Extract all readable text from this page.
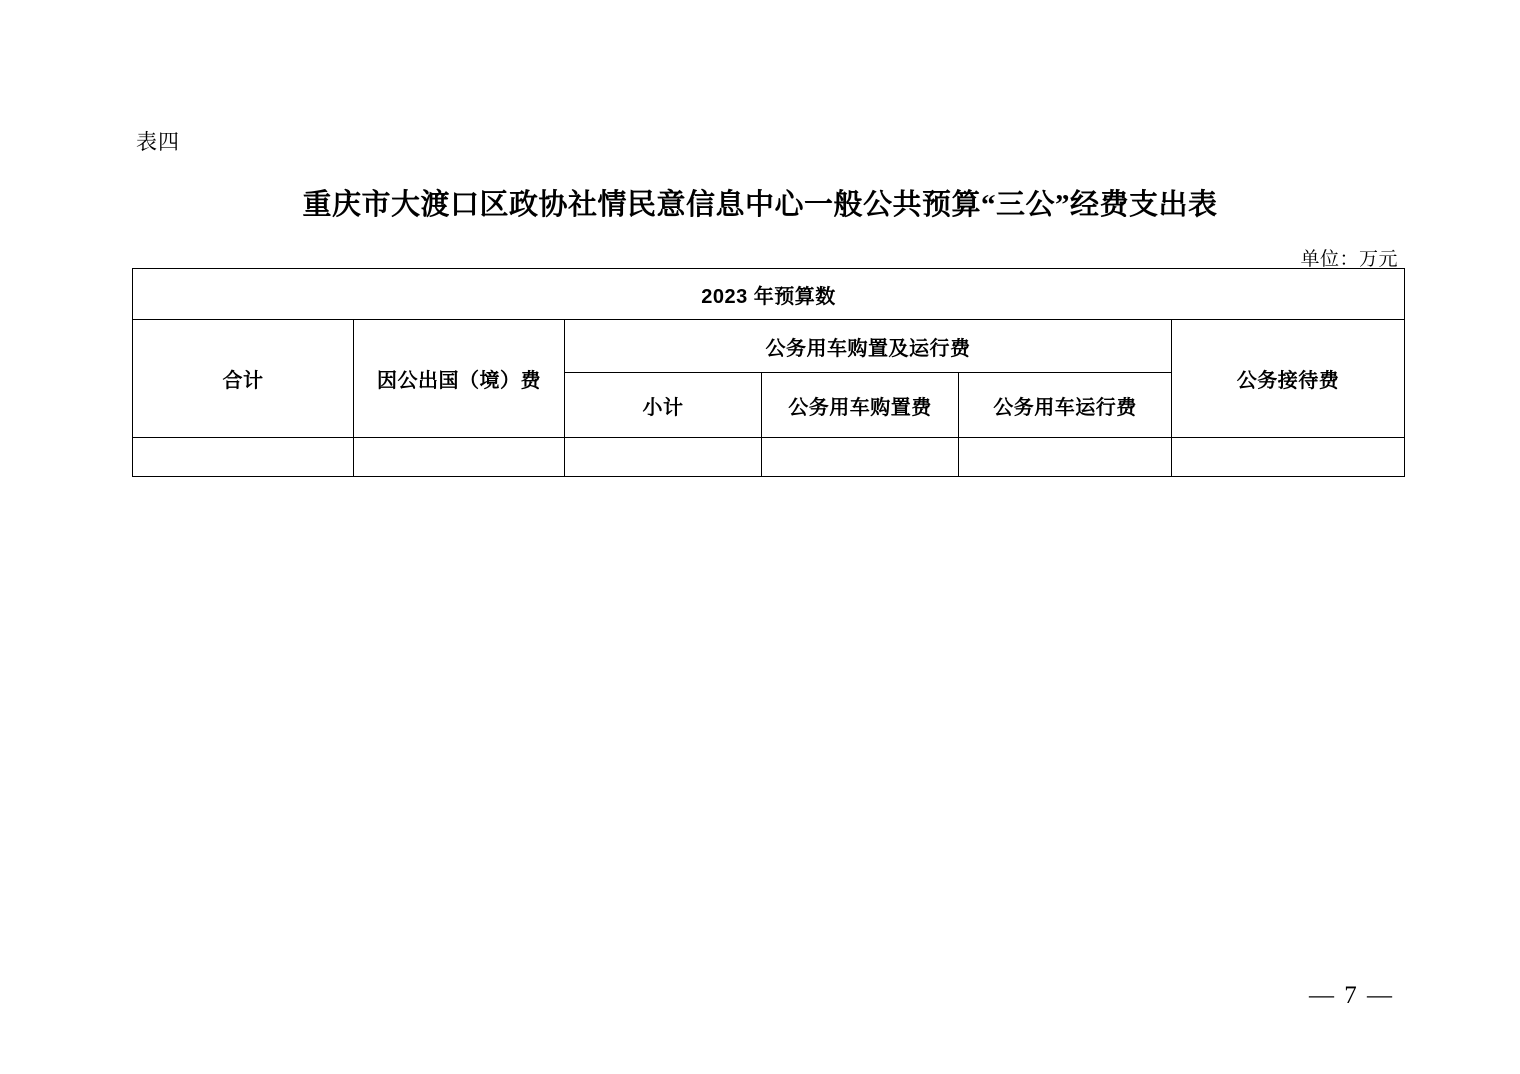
表四
重庆市大渡口区政协社情民意信息中心一般公共预算“三公”经费支出表
单位：万元
2023 年预算数					
合计	因公出国（境）费	公务用车购置及运行费			公务接待费
		小计	公务用车购置费	公务用车运行费	

— 7 —
